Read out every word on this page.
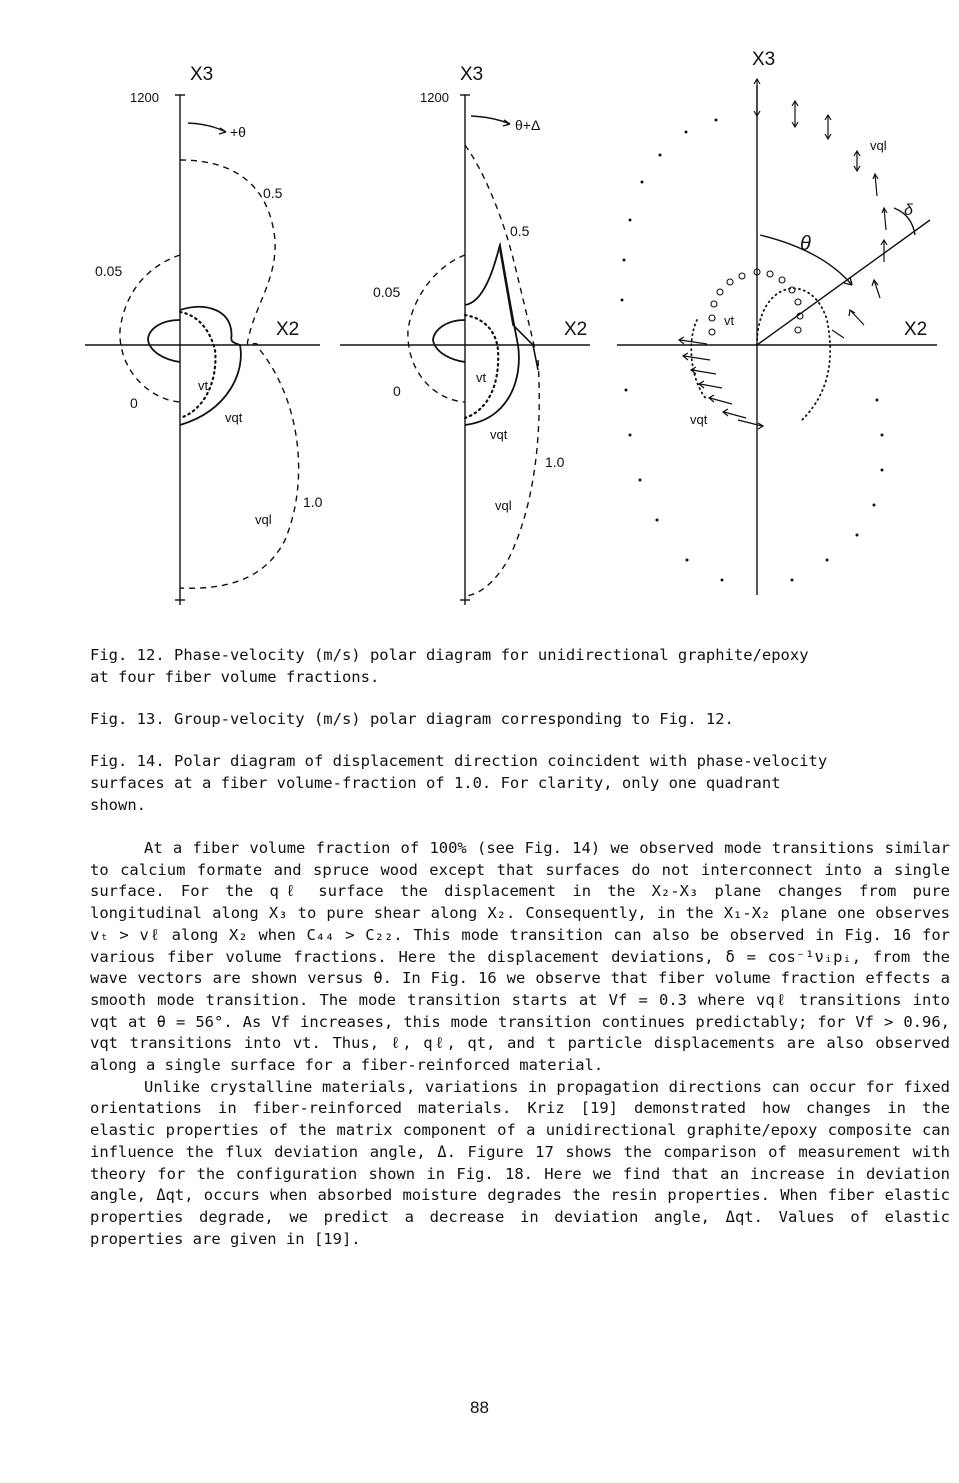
X3
1200
+θ
0.5
0.05
X2
0
vt
vqt
1.0
vql
X3
1200
θ+Δ
0.5
0.05
X2
0
vt
vqt
1.0
vql
X3
X2
θ
δ
vql
vt
vqt

Fig. 12. Phase-velocity (m/s) polar diagram for unidirectional graphite/epoxy
at four fiber volume fractions.

Fig. 13. Group-velocity (m/s) polar diagram corresponding to Fig. 12.

Fig. 14. Polar diagram of displacement direction coincident with phase-velocity
surfaces at a fiber volume-fraction of 1.0. For clarity, only one quadrant
shown.

At a fiber volume fraction of 100% (see Fig. 14) we observed mode transitions similar to calcium formate and spruce wood except that surfaces do not interconnect into a single surface. For the qℓ surface the displacement in the X₂-X₃ plane changes from pure longitudinal along X₃ to pure shear along X₂. Consequently, in the X₁-X₂ plane one observes vₜ > vℓ along X₂ when C₄₄ > C₂₂. This mode transition can also be observed in Fig. 16 for various fiber volume fractions. Here the displacement deviations, δ = cos⁻¹νᵢpᵢ, from the wave vectors are shown versus θ. In Fig. 16 we observe that fiber volume fraction effects a smooth mode transition. The mode transition starts at Vf = 0.3 where vqℓ transitions into vqt at θ = 56°. As Vf increases, this mode transition continues predictably; for Vf > 0.96, vqt transitions into vt. Thus, ℓ, qℓ, qt, and t particle displacements are also observed along a single surface for a fiber-reinforced material.

Unlike crystalline materials, variations in propagation directions can occur for fixed orientations in fiber-reinforced materials. Kriz [19] demonstrated how changes in the elastic properties of the matrix component of a unidirectional graphite/epoxy composite can influence the flux deviation angle, Δ. Figure 17 shows the comparison of measurement with theory for the configuration shown in Fig. 18. Here we find that an increase in deviation angle, Δqt, occurs when absorbed moisture degrades the resin properties. When fiber elastic properties degrade, we predict a decrease in deviation angle, Δqt. Values of elastic properties are given in [19].

88
